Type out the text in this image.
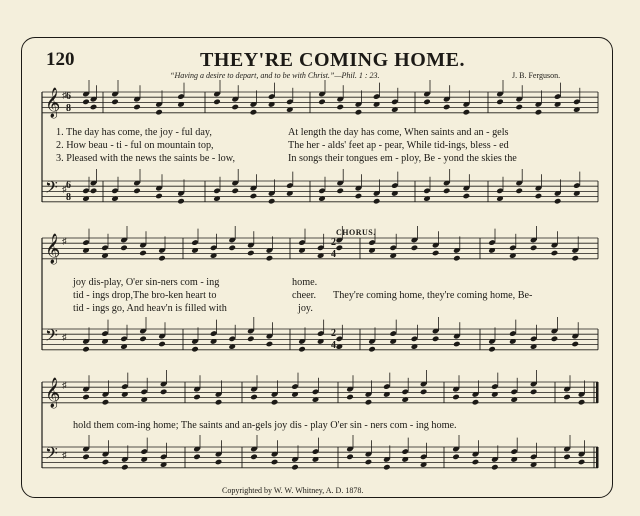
120	THEY'RE COMING HOME.
“Having a desire to depart, and to be with Christ.”—Phil. 1 : 23.	J. B. Ferguson.
𝄞 ♯
𝄢 ♯
𝄞 ♯
𝄢 ♯
𝄞 ♯
𝄢 ♯
6
8
6
8
2
4
2
4
CHORUS.
1. The day has come, the joy - ful day,	At length the day has come, When saints and an - gels
2. How beau - ti - ful on mountain top,	The her - alds' feet ap - pear, While tid-ings, bless - ed
3. Pleased with the news the saints be - low,	In songs their tongues em - ploy, Be - yond the skies the
joy dis-play, O'er sin-ners com - ing	home.
tid - ings drop,The bro-ken heart to	cheer.
tid - ings go, And heav'n is filled with	joy.
They're coming home, they're coming home, Be-
hold them com-ing home; The saints and an-gels joy dis - play O'er sin - ners com - ing home.
Copyrighted by W. W. Whitney, A. D. 1878.
